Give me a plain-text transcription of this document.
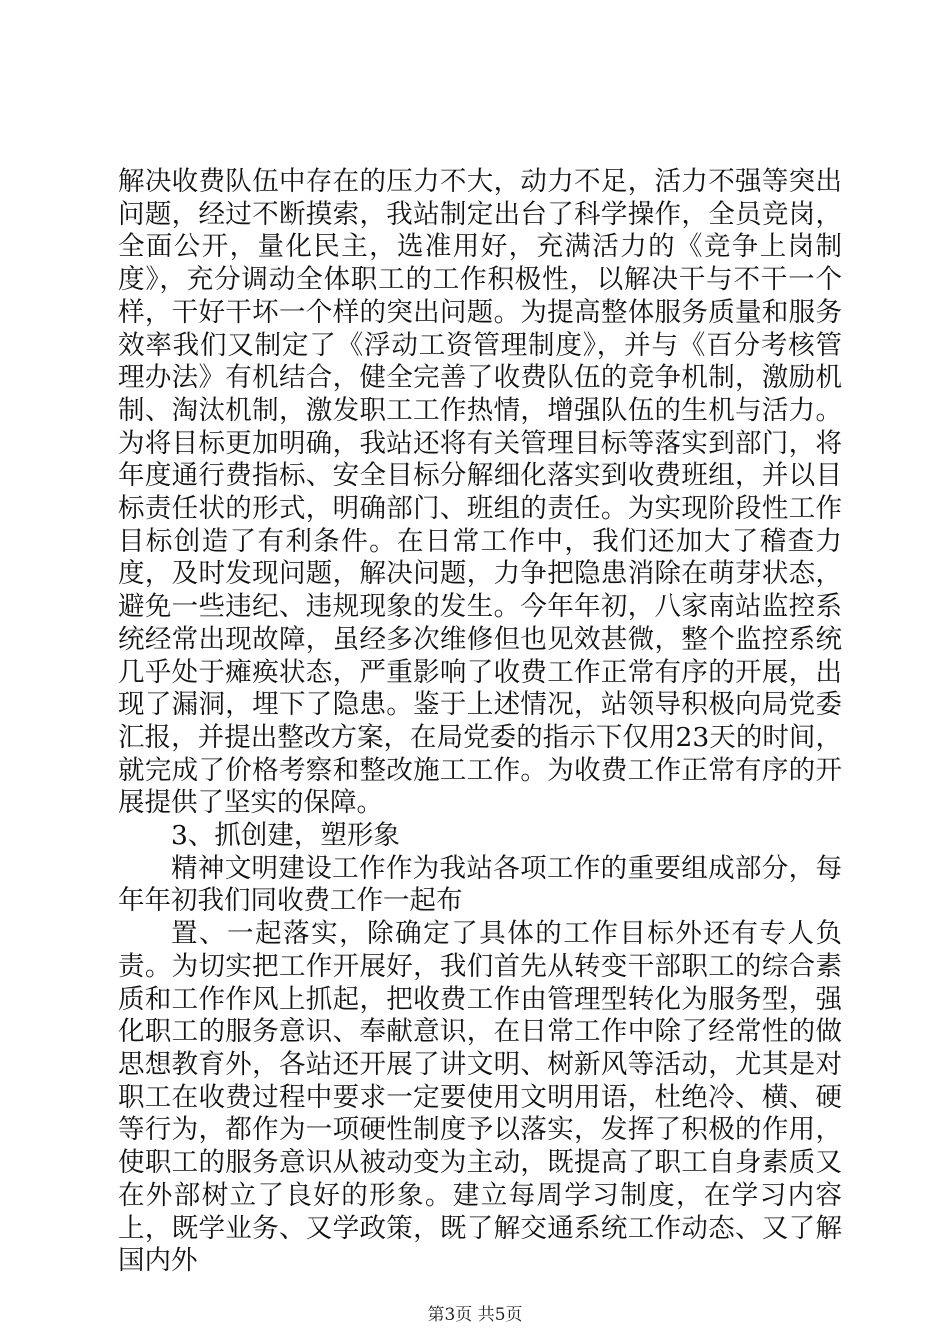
解决收费队伍中存在的压力不大，动力不足，活力不强等突出问题，经过不断摸索，我站制定出台了科学操作，全员竞岗，全面公开，量化民主，选准用好，充满活力的《竞争上岗制度》，充分调动全体职工的工作积极性，以解决干与不干一个样，干好干坏一个样的突出问题。为提高整体服务质量和服务效率我们又制定了《浮动工资管理制度》，并与《百分考核管理办法》有机结合，健全完善了收费队伍的竞争机制，激励机制、淘汰机制，激发职工工作热情，增强队伍的生机与活力。为将目标更加明确，我站还将有关管理目标等落实到部门，将年度通行费指标、安全目标分解细化落实到收费班组，并以目标责任状的形式，明确部门、班组的责任。为实现阶段性工作目标创造了有利条件。在日常工作中，我们还加大了稽查力度，及时发现问题，解决问题，力争把隐患消除在萌芽状态，避免一些违纪、违规现象的发生。今年年初，八家南站监控系统经常出现故障，虽经多次维修但也见效甚微，整个监控系统几乎处于瘫痪状态，严重影响了收费工作正常有序的开展，出现了漏洞，埋下了隐患。鉴于上述情况，站领导积极向局党委汇报，并提出整改方案，在局党委的指示下仅用23天的时间，就完成了价格考察和整改施工工作。为收费工作正常有序的开展提供了坚实的保障。

3、抓创建，塑形象

精神文明建设工作作为我站各项工作的重要组成部分，每年年初我们同收费工作一起布

置、一起落实，除确定了具体的工作目标外还有专人负责。为切实把工作开展好，我们首先从转变干部职工的综合素质和工作作风上抓起，把收费工作由管理型转化为服务型，强化职工的服务意识、奉献意识，在日常工作中除了经常性的做思想教育外，各站还开展了讲文明、树新风等活动，尤其是对职工在收费过程中要求一定要使用文明用语，杜绝冷、横、硬等行为，都作为一项硬性制度予以落实，发挥了积极的作用，使职工的服务意识从被动变为主动，既提高了职工自身素质又在外部树立了良好的形象。建立每周学习制度，在学习内容上，既学业务、又学政策，既了解交通系统工作动态、又了解国内外

第3页 共5页
